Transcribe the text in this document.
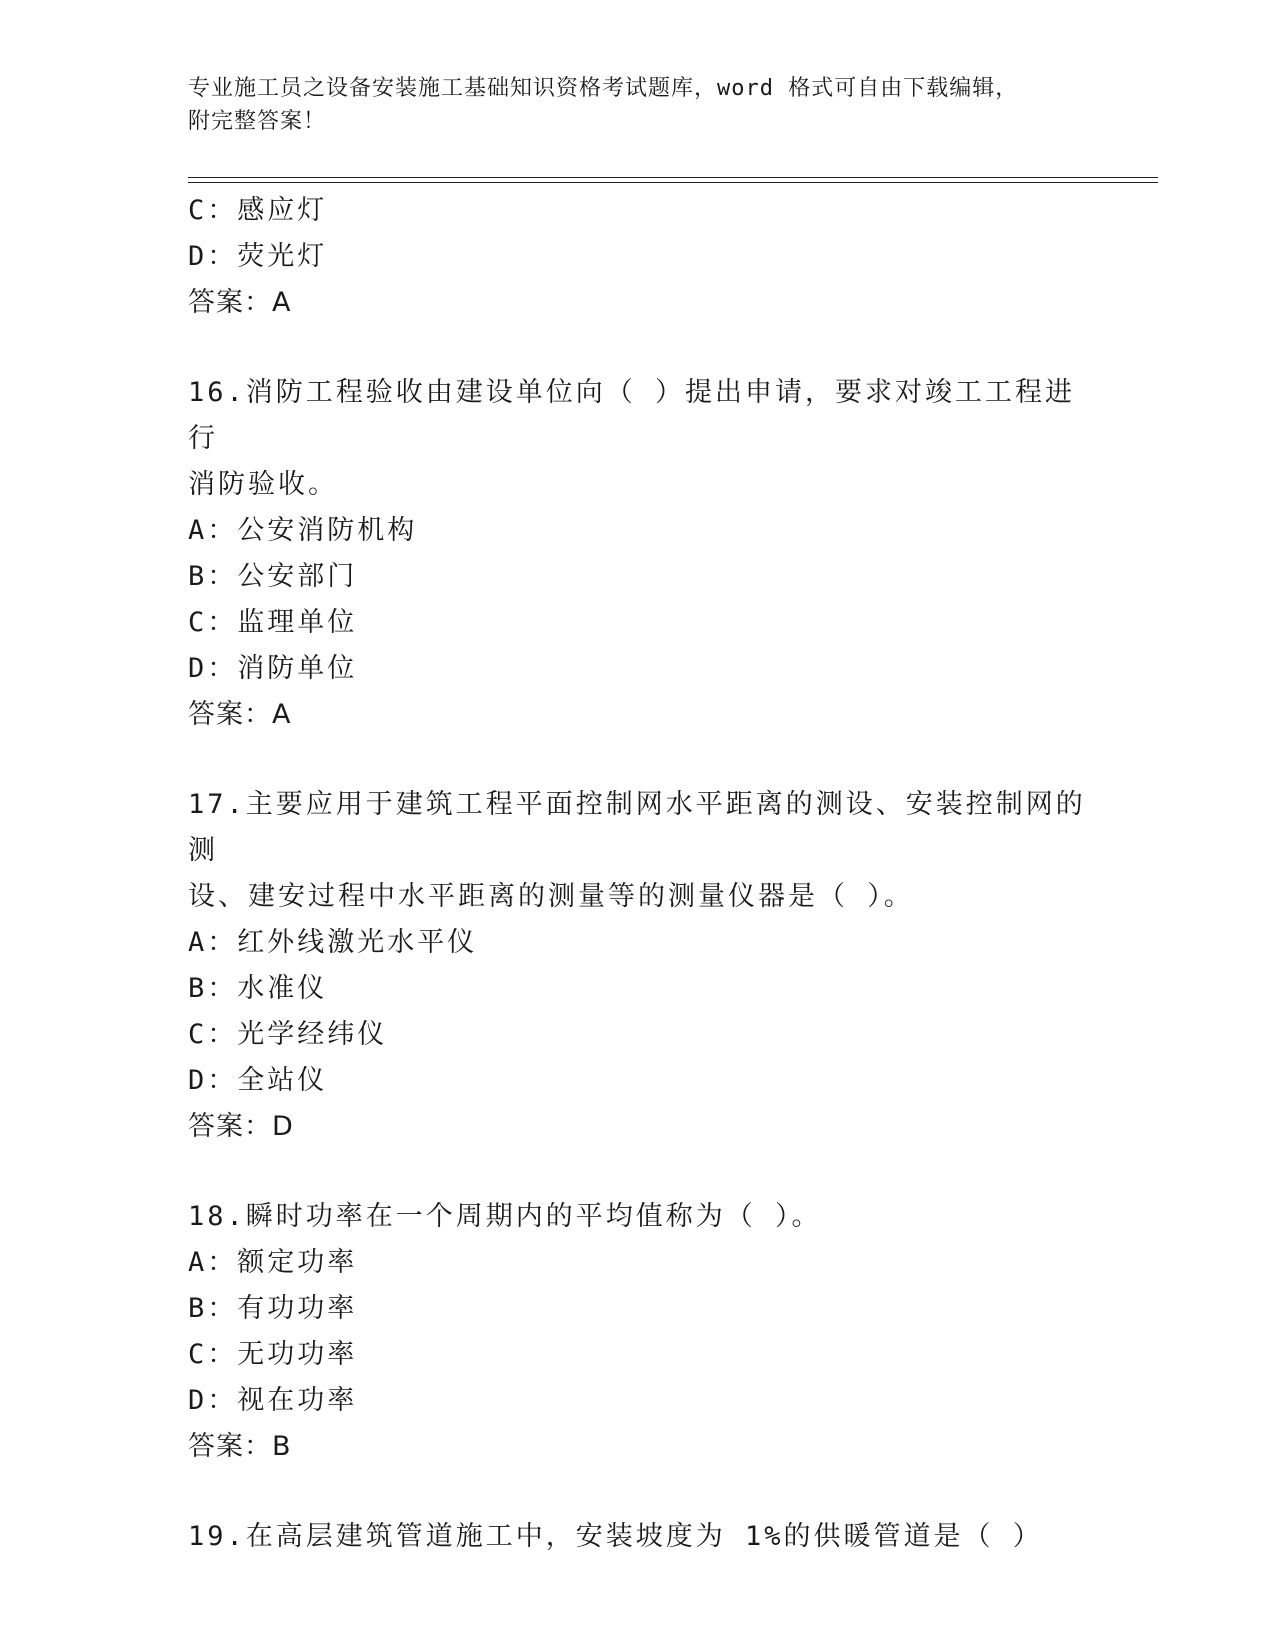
专业施工员之设备安装施工基础知识资格考试题库，word 格式可自由下载编辑，
附完整答案！
C：感应灯
D：荧光灯
答案：A
16.消防工程验收由建设单位向（ ）提出申请，要求对竣工工程进行
消防验收。
A：公安消防机构
B：公安部门
C：监理单位
D：消防单位
答案：A
17.主要应用于建筑工程平面控制网水平距离的测设、安装控制网的测
设、建安过程中水平距离的测量等的测量仪器是（ ）。
A：红外线激光水平仪
B：水准仪
C：光学经纬仪
D：全站仪
答案：D
18.瞬时功率在一个周期内的平均值称为（ ）。
A：额定功率
B：有功功率
C：无功功率
D：视在功率
答案：B
19.在高层建筑管道施工中，安装坡度为 1%的供暖管道是（ ）
